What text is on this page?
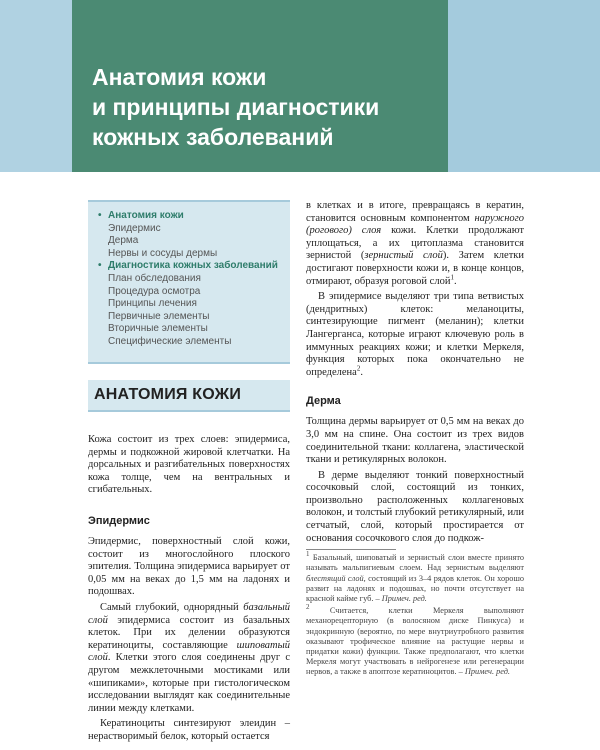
Анатомия кожи
и принципы диагностики
кожных заболеваний
• Анатомия кожи
Эпидермис
Дерма
Нервы и сосуды дермы
• Диагностика кожных заболеваний
План обследования
Процедура осмотра
Принципы лечения
Первичные элементы
Вторичные элементы
Специфические элементы
АНАТОМИЯ КОЖИ

Кожа состоит из трех слоев: эпидермиса, дермы и подкожной жировой клетчатки. На дорсальных и разгибательных поверхностях кожа толще, чем на вентральных и сгибательных.

Эпидермис

Эпидермис, поверхностный слой кожи, состоит из многослойного плоского эпителия. Толщина эпидермиса варьирует от 0,05 мм на веках до 1,5 мм на ладонях и подошвах.

Самый глубокий, однорядный базальный слой эпидермиса состоит из базальных клеток. При их делении образуются кератиноциты, составляющие шиповатый слой. Клетки этого слоя соединены друг с другом межклеточными мостиками или «шипиками», которые при гистологическом исследовании выглядят как соединительные линии между клетками.

Кератиноциты синтезируют элеидин – нерастворимый белок, который остается

в клетках и в итоге, превращаясь в кератин, становится основным компонентом наружного (рогового) слоя кожи. Клетки продолжают уплощаться, а их цитоплазма становится зернистой (зернистый слой). Затем клетки достигают поверхности кожи и, в конце концов, отмирают, образуя роговой слой$^1$.

В эпидермисе выделяют три типа ветвистых (дендритных) клеток: меланоциты, синтезирующие пигмент (меланин); клетки Лангерганса, которые играют ключевую роль в иммунных реакциях кожи; и клетки Меркеля, функция которых пока окончательно не определена$^2$.

Дерма

Толщина дермы варьирует от 0,5 мм на веках до 3,0 мм на спине. Она состоит из трех видов соединительной ткани: коллагена, эластической ткани и ретикулярных волокон.

В дерме выделяют тонкий поверхностный сосочковый слой, состоящий из тонких, произвольно расположенных коллагеновых волокон, и толстый глубокий ретикулярный, или сетчатый, слой, который простирается от основания сосочкового слоя до подкож-

$^1$ Базальный, шиповатый и зернистый слои вместе принято называть мальпигиевым слоем. Над зернистым выделяют блестящий слой, состоящий из 3–4 рядов клеток. Он хорошо развит на ладонях и подошвах, но почти отсутствует на красной кайме губ. – Примеч. ред.

$^2$ Считается, клетки Меркеля выполняют механорецепторную (в волосяном диске Пинкуса) и эндокринную (вероятно, по мере внутриутробного развития оказывают трофическое влияние на растущие нервы и придатки кожи) функции. Также предполагают, что клетки Меркеля могут участвовать в нейрогенезе или регенерации нервов, а также в апоптозе кератиноцитов. – Примеч. ред.
